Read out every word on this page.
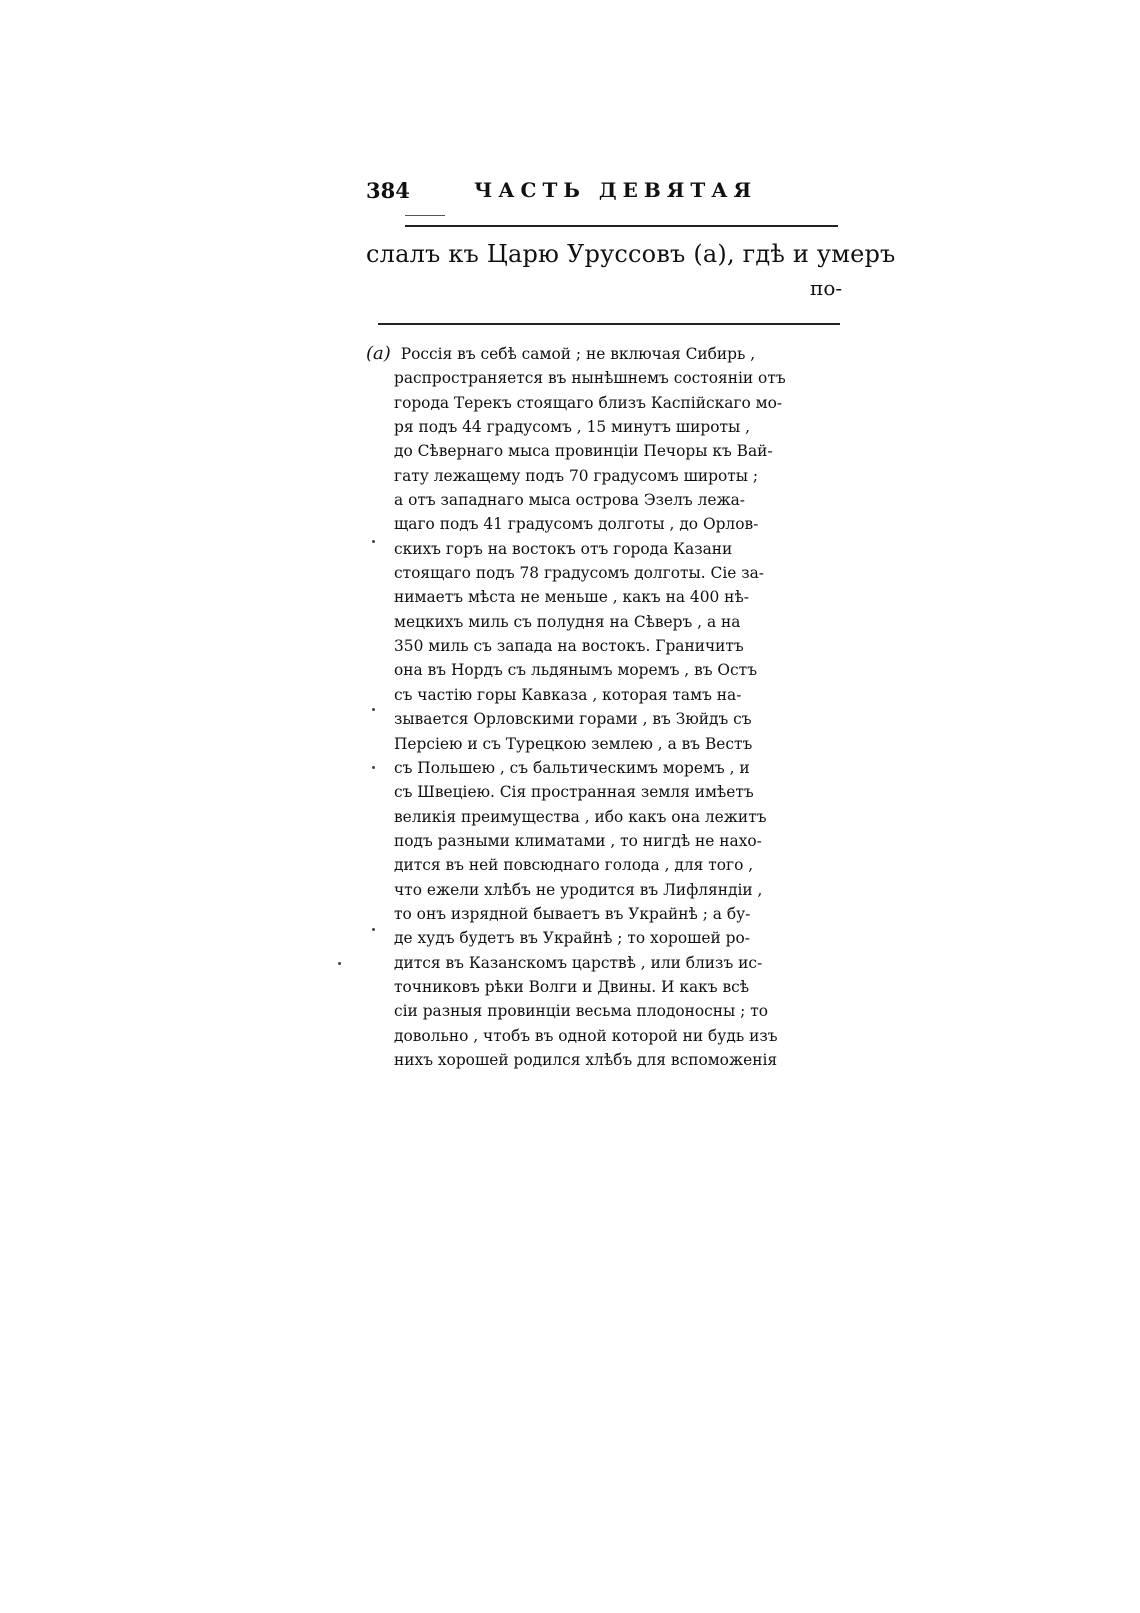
384	ЧАСТЬ ДЕВЯТАЯ
слалъ къ Царю Уруссовъ (а), гдѣ и умеръ
по-
(а) Россiя въ себѣ самой ; не включая Сибирь ,
распространяется въ нынѣшнемъ состоянiи отъ
города Терекъ стоящаго близъ Каспiйскаго мо-
ря подъ 44 градусомъ , 15 минутъ широты ,
до Сѣвернаго мыса провинцiи Печоры къ Вай-
гату лежащему подъ 70 градусомъ широты ;
а отъ западнаго мыса острова Эзелъ лежа-
щаго подъ 41 градусомъ долготы , до Орлов-
скихъ горъ на востокъ отъ города Казани
стоящаго подъ 78 градусомъ долготы. Сiе за-
нимаетъ мѣста не меньше , какъ на 400 нѣ-
мецкихъ миль съ полудня на Сѣверъ , а на
350 миль съ запада на востокъ. Граничитъ
она въ Нордъ съ льдянымъ моремъ , въ Остъ
съ частiю горы Кавказа , которая тамъ на-
зывается Орловскими горами , въ Зюйдъ съ
Персiею и съ Турецкою землею , а въ Вестъ
съ Польшею , съ бальтическимъ моремъ , и
съ Швецiею. Сiя пространная земля имѣетъ
великiя преимущества , ибо какъ она лежитъ
подъ разными климатами , то нигдѣ не нахо-
дится въ ней повсюднаго голода , для того ,
что ежели хлѣбъ не уродится въ Лифляндiи ,
то онъ изрядной бываетъ въ Украйнѣ ; а бу-
де худъ будетъ въ Украйнѣ ; то хорошей ро-
дится въ Казанскомъ царствѣ , или близъ ис-
точниковъ рѣки Волги и Двины. И какъ всѣ
сiи разныя провинцiи весьма плодоносны ; то
довольно , чтобъ въ одной которой ни будь изъ
нихъ хорошей родился хлѣбъ для вспоможенiя
